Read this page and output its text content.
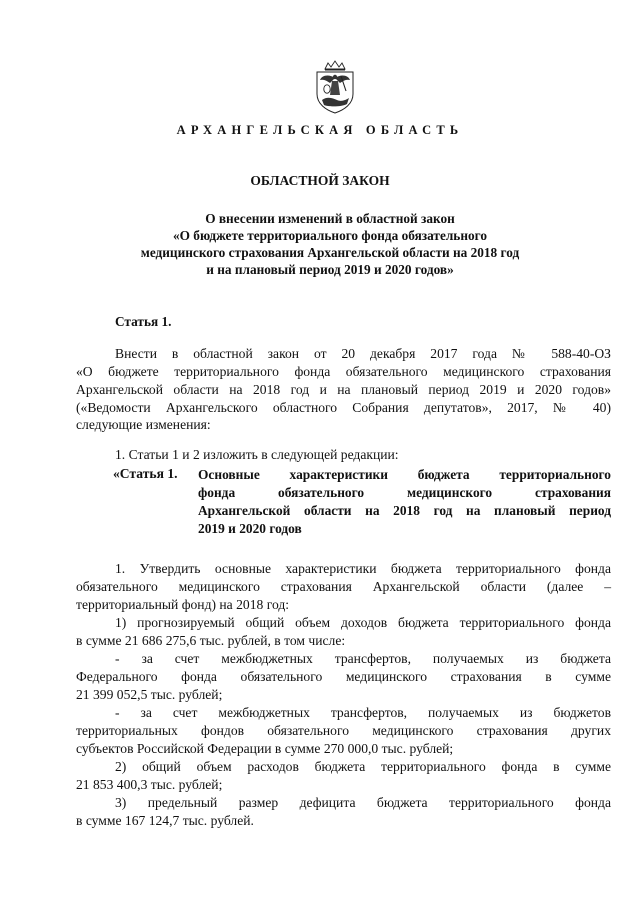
АРХАНГЕЛЬСКАЯ ОБЛАСТЬ
ОБЛАСТНОЙ ЗАКОН
О внесении изменений в областной закон
«О бюджете территориального фонда обязательного
медицинского страхования Архангельской области на 2018 год
и на плановый период 2019 и 2020 годов»
Статья 1.
Внести в областной закон от 20 декабря 2017 года № 588-40-ОЗ
«О бюджете территориального фонда обязательного медицинского страхования
Архангельской области на 2018 год и на плановый период 2019 и 2020 годов»
(«Ведомости Архангельского областного Собрания депутатов», 2017, № 40)
следующие изменения:
1. Статьи 1 и 2 изложить в следующей редакции:
«Статья 1. Основные характеристики бюджета территориального
фонда обязательного медицинского страхования
Архангельской области на 2018 год на плановый период
2019 и 2020 годов
1. Утвердить основные характеристики бюджета территориального фонда
обязательного медицинского страхования Архангельской области (далее –
территориальный фонд) на 2018 год:
1) прогнозируемый общий объем доходов бюджета территориального фонда
в сумме 21 686 275,6 тыс. рублей, в том числе:
- за счет межбюджетных трансфертов, получаемых из бюджета
Федерального фонда обязательного медицинского страхования в сумме
21 399 052,5 тыс. рублей;
- за счет межбюджетных трансфертов, получаемых из бюджетов
территориальных фондов обязательного медицинского страхования других
субъектов Российской Федерации в сумме 270 000,0 тыс. рублей;
2) общий объем расходов бюджета территориального фонда в сумме
21 853 400,3 тыс. рублей;
3) предельный размер дефицита бюджета территориального фонда
в сумме 167 124,7 тыс. рублей.
